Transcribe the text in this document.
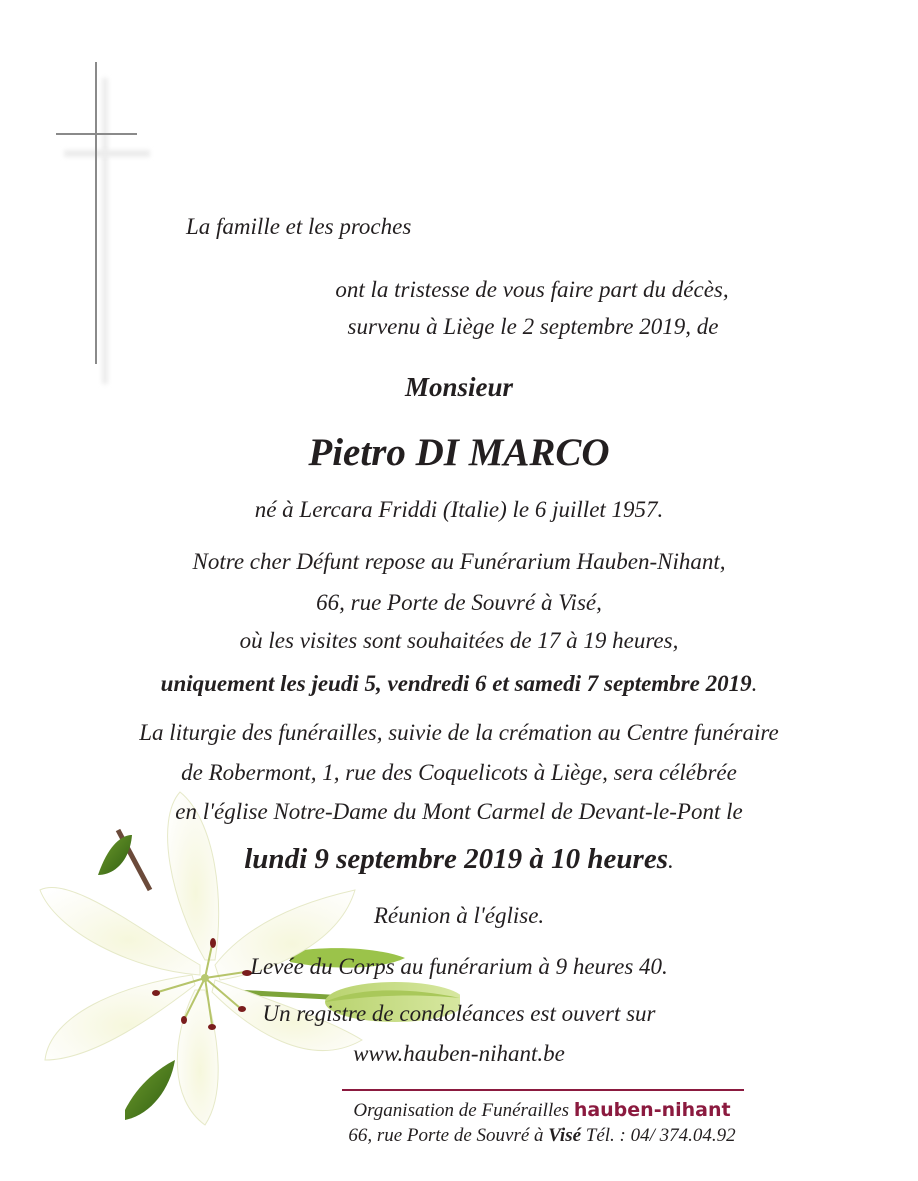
La famille et les proches
ont la tristesse de vous faire part du décès,
survenu à Liège le 2 septembre 2019, de
Monsieur
Pietro DI MARCO
né à Lercara Friddi (Italie) le 6 juillet 1957.
Notre cher Défunt repose au Funérarium Hauben-Nihant,
66, rue Porte de Souvré à Visé,
où les visites sont souhaitées de 17 à 19 heures,
uniquement les jeudi 5, vendredi 6 et samedi 7 septembre 2019.
La liturgie des funérailles, suivie de la crémation au Centre funéraire
de Robermont, 1, rue des Coquelicots à Liège, sera célébrée
en l'église Notre-Dame du Mont Carmel de Devant-le-Pont le
lundi 9 septembre 2019 à 10 heures.
Réunion à l'église.
Levée du Corps au funérarium à 9 heures 40.
Un registre de condoléances est ouvert sur
www.hauben-nihant.be
Organisation de Funérailles hauben-nihant
66, rue Porte de Souvré à Visé Tél. : 04/ 374.04.92
